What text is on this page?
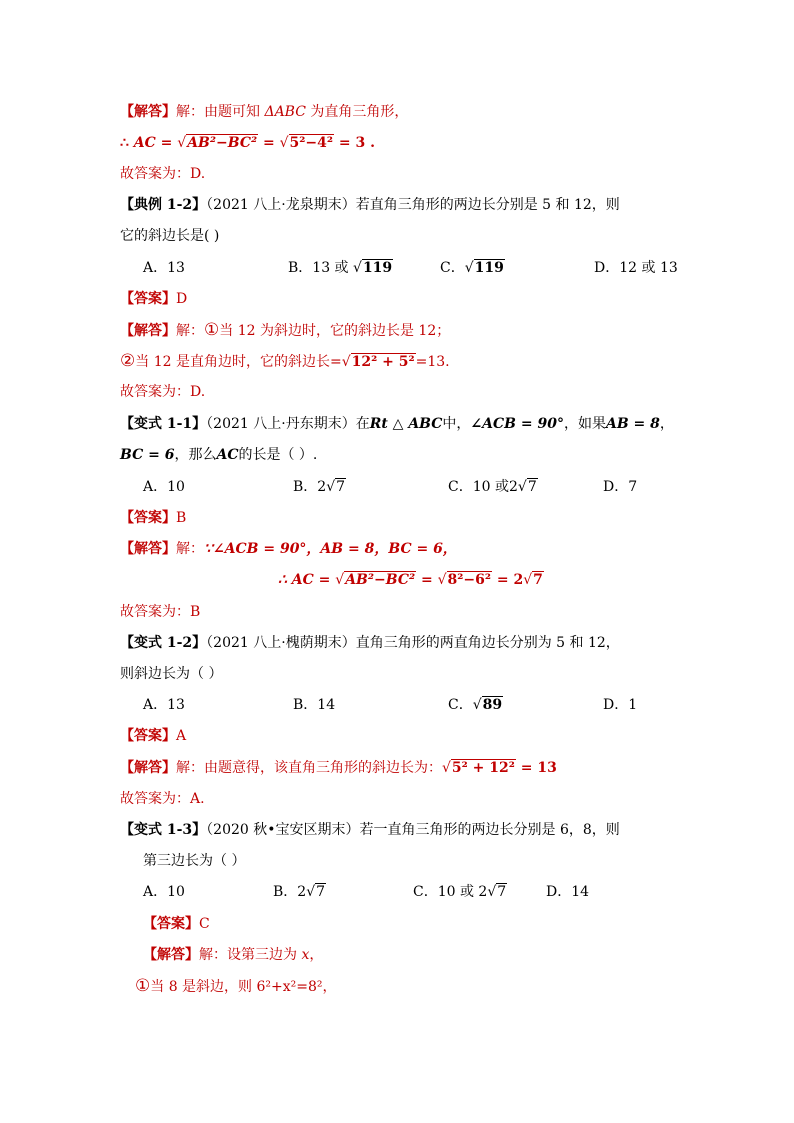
【解答】解：由题可知 ΔABC 为直角三角形，
∴ AC = √AB²−BC² = √5²−4² = 3 .
故答案为：D.
【典例 1-2】（2021 八上·龙泉期末）若直角三角形的两边长分别是 5 和 12，则
它的斜边长是( )
A．13	B．13 或 √119	C．√119	D．12 或 13
【答案】D
【解答】解：①当 12 为斜边时，它的斜边长是 12；
②当 12 是直角边时，它的斜边长=√12² + 5²=13.
故答案为：D.
【变式 1-1】（2021 八上·丹东期末）在Rt △ ABC中，∠ACB = 90°，如果AB = 8，
BC = 6，那么AC的长是（ ）.
A．10	B．2√7	C．10 或2√7	D．7
【答案】B
【解答】解：∵∠ACB = 90°，AB = 8，BC = 6，
∴ AC = √AB²−BC² = √8²−6² = 2√7
故答案为：B
【变式 1-2】（2021 八上·槐荫期末）直角三角形的两直角边长分别为 5 和 12，
则斜边长为（ ）
A．13	B．14	C．√89	D．1
【答案】A
【解答】解：由题意得，该直角三角形的斜边长为：√5² + 12² = 13
故答案为：A.
【变式 1-3】（2020 秋•宝安区期末）若一直角三角形的两边长分别是 6，8，则
第三边长为（ ）
A．10	B．2√7	C．10 或 2√7	D．14
【答案】C
【解答】解：设第三边为 x，
①当 8 是斜边，则 6²+x²=8²，
